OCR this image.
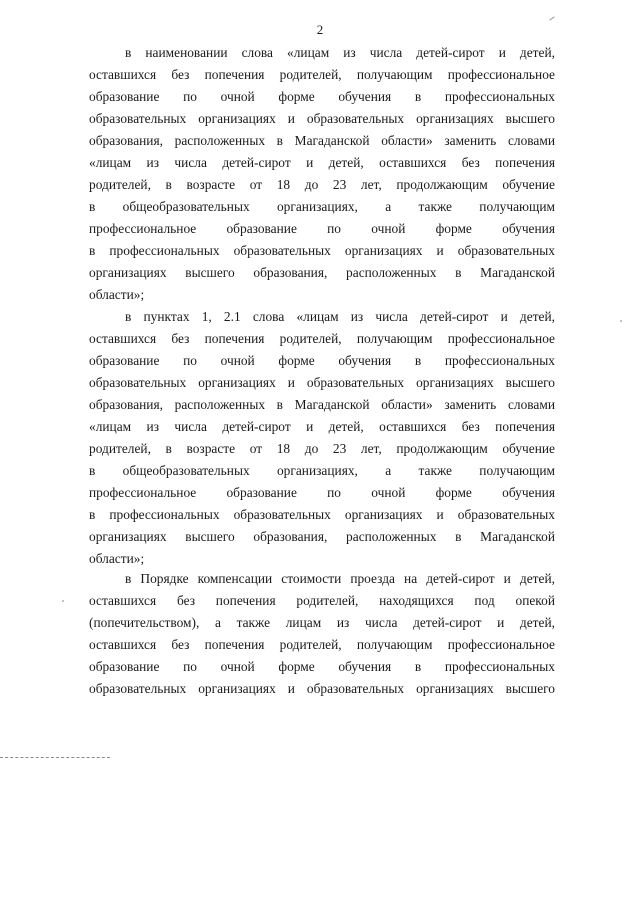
2
в наименовании слова «лицам из числа детей-сирот и детей,
оставшихся без попечения родителей, получающим профессиональное
образование по очной форме обучения в профессиональных
образовательных организациях и образовательных организациях высшего
образования, расположенных в Магаданской области» заменить словами
«лицам из числа детей-сирот и детей, оставшихся без попечения
родителей, в возрасте от 18 до 23 лет, продолжающим обучение
в общеобразовательных организациях, а также получающим
профессиональное образование по очной форме обучения
в профессиональных образовательных организациях и образовательных
организациях высшего образования, расположенных в Магаданской
области»;
в пунктах 1, 2.1 слова «лицам из числа детей-сирот и детей,
оставшихся без попечения родителей, получающим профессиональное
образование по очной форме обучения в профессиональных
образовательных организациях и образовательных организациях высшего
образования, расположенных в Магаданской области» заменить словами
«лицам из числа детей-сирот и детей, оставшихся без попечения
родителей, в возрасте от 18 до 23 лет, продолжающим обучение
в общеобразовательных организациях, а также получающим
профессиональное образование по очной форме обучения
в профессиональных образовательных организациях и образовательных
организациях высшего образования, расположенных в Магаданской
области»;
в Порядке компенсации стоимости проезда на детей-сирот и детей,
оставшихся без попечения родителей, находящихся под опекой
(попечительством), а также лицам из числа детей-сирот и детей,
оставшихся без попечения родителей, получающим профессиональное
образование по очной форме обучения в профессиональных
образовательных организациях и образовательных организациях высшего
